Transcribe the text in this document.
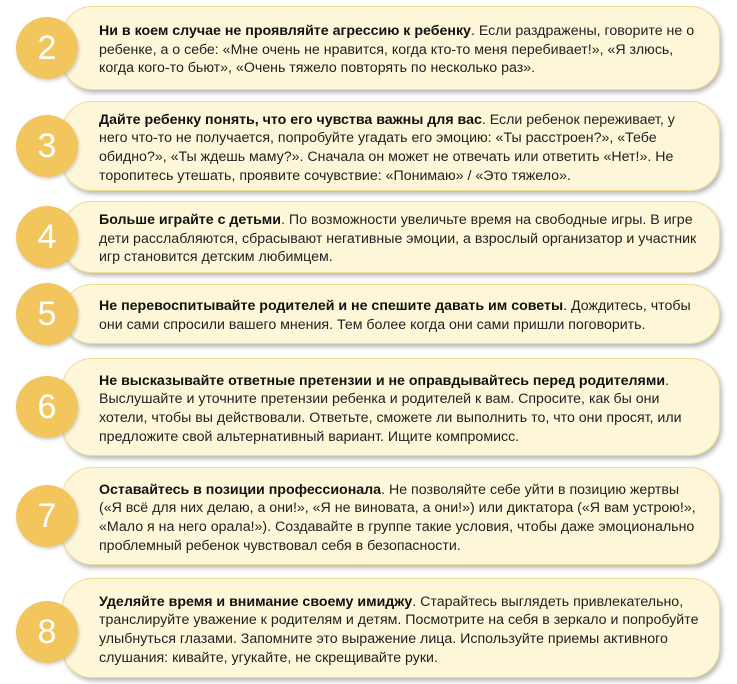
Ни в коем случае не проявляйте агрессию к ребенку. Если раздражены, говорите не о ребенке, а о себе: «Мне очень не нравится, когда кто-то меня перебивает!», «Я злюсь, когда кого-то бьют», «Очень тяжело повторять по несколько раз».
2
Дайте ребенку понять, что его чувства важны для вас. Если ребенок переживает, у него что-то не получается, попробуйте угадать его эмоцию: «Ты расстроен?», «Тебе обидно?», «Ты ждешь маму?». Сначала он может не отвечать или ответить «Нет!». Не торопитесь утешать, проявите сочувствие: «Понимаю» / «Это тяжело».
3
Больше играйте с детьми. По возможности увеличьте время на свободные игры. В игре дети расслабляются, сбрасывают негативные эмоции, а взрослый организатор и участник игр становится детским любимцем.
4
Не перевоспитывайте родителей и не спешите давать им советы. Дождитесь, чтобы они сами спросили вашего мнения. Тем более когда они сами пришли поговорить.
5
Не высказывайте ответные претензии и не оправдывайтесь перед родителями. Выслушайте и уточните претензии ребенка и родителей к вам. Спросите, как бы они хотели, чтобы вы действовали. Ответьте, сможете ли выполнить то, что они просят, или предложите свой альтернативный вариант. Ищите компромисс.
6
Оставайтесь в позиции профессионала. Не позволяйте себе уйти в позицию жертвы («Я всё для них делаю, а они!», «Я не виновата, а они!») или диктатора («Я вам устрою!», «Мало я на него орала!»). Создавайте в группе такие условия, чтобы даже эмоционально проблемный ребенок чувствовал себя в безопасности.
7
Уделяйте время и внимание своему имиджу. Старайтесь выглядеть привлекательно, транслируйте уважение к родителям и детям. Посмотрите на себя в зеркало и попробуйте улыбнуться глазами. Запомните это выражение лица. Используйте приемы активного слушания: кивайте, угукайте, не скрещивайте руки.
8
